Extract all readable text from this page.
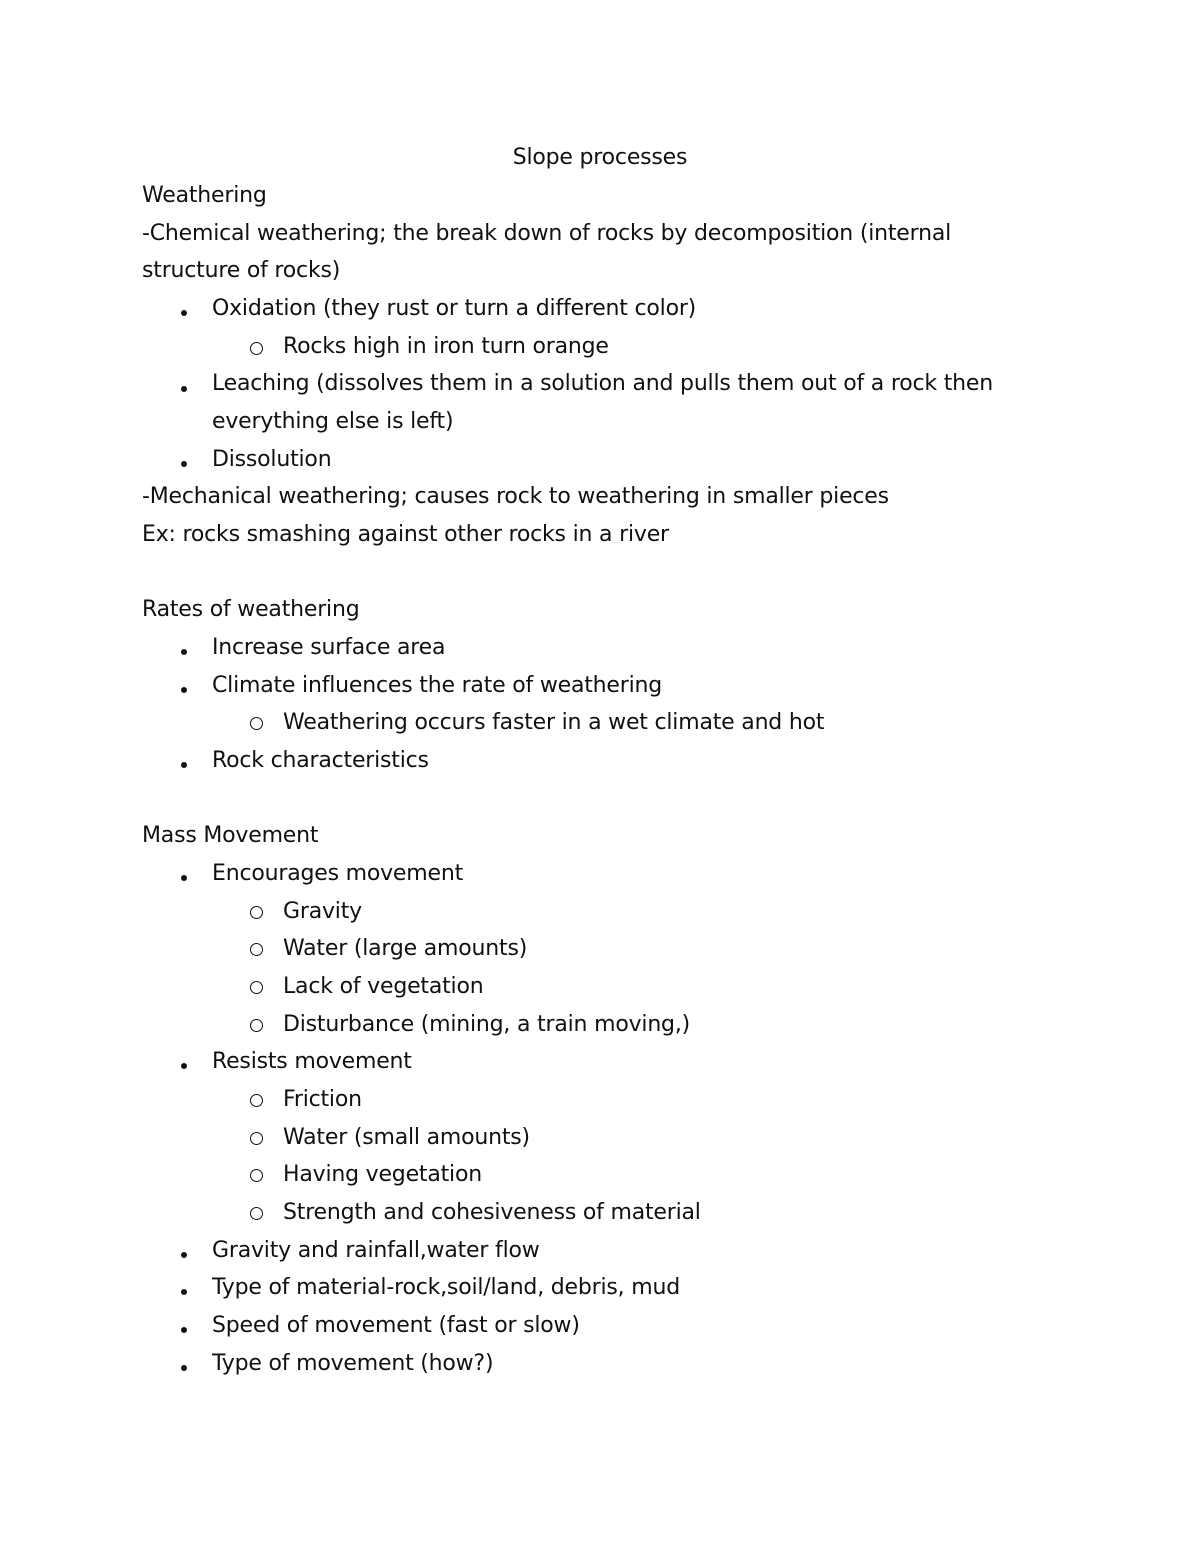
Slope processes
Weathering
-Chemical weathering; the break down of rocks by decomposition (internal
structure of rocks)
Oxidation (they rust or turn a different color)
Rocks high in iron turn orange
Leaching (dissolves them in a solution and pulls them out of a rock then
everything else is left)
Dissolution
-Mechanical weathering; causes rock to weathering in smaller pieces
Ex: rocks smashing against other rocks in a river
Rates of weathering
Increase surface area
Climate influences the rate of weathering
Weathering occurs faster in a wet climate and hot
Rock characteristics
Mass Movement
Encourages movement
Gravity
Water (large amounts)
Lack of vegetation
Disturbance (mining, a train moving,)
Resists movement
Friction
Water (small amounts)
Having vegetation
Strength and cohesiveness of material
Gravity and rainfall,water flow
Type of material-rock,soil/land, debris, mud
Speed of movement (fast or slow)
Type of movement (how?)
